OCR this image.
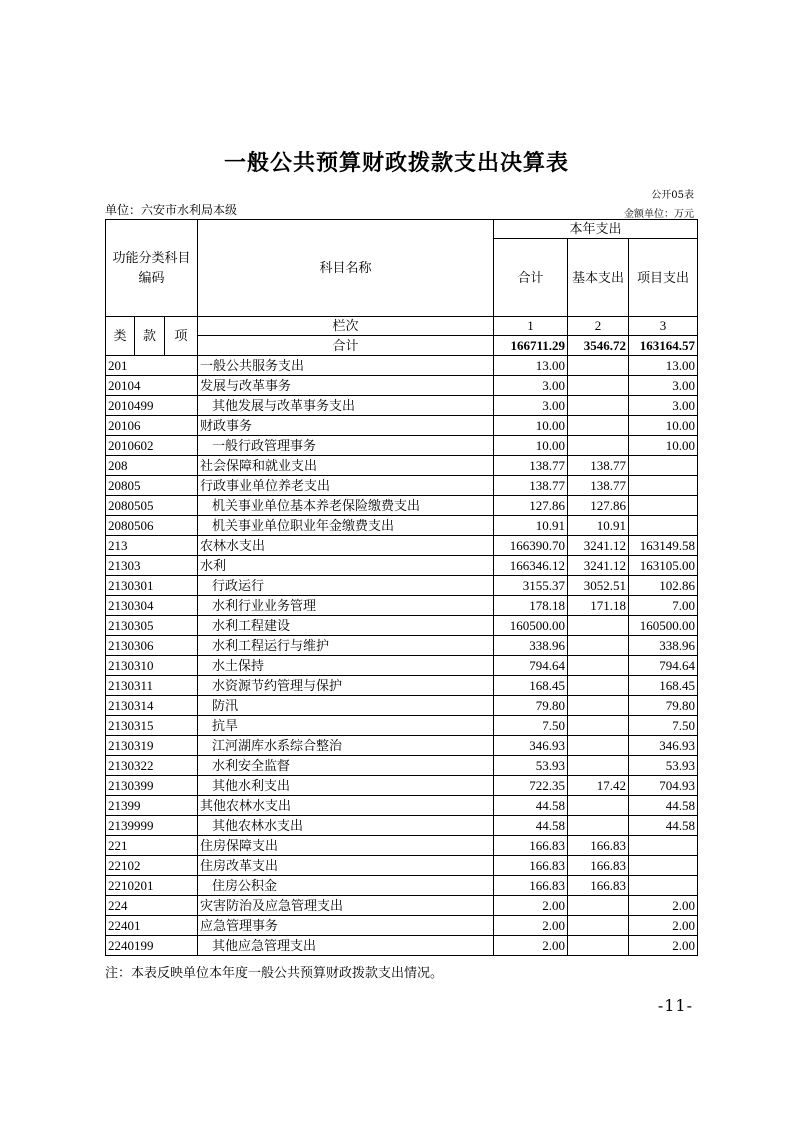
一般公共预算财政拨款支出决算表
公开05表
单位：六安市水利局本级	金额单位：万元
功能分类科目编码			科目名称	本年支出		
				合计	基本支出	项目支出
类	款	项	栏次	1	2	3
			合计	166711.29	3546.72	163164.57
201			一般公共服务支出	13.00		13.00
20104			发展与改革事务	3.00		3.00
2010499			其他发展与改革事务支出	3.00		3.00
20106			财政事务	10.00		10.00
2010602			一般行政管理事务	10.00		10.00
208			社会保障和就业支出	138.77	138.77	
20805			行政事业单位养老支出	138.77	138.77	
2080505			机关事业单位基本养老保险缴费支出	127.86	127.86	
2080506			机关事业单位职业年金缴费支出	10.91	10.91	
213			农林水支出	166390.70	3241.12	163149.58
21303			水利	166346.12	3241.12	163105.00
2130301			行政运行	3155.37	3052.51	102.86
2130304			水利行业业务管理	178.18	171.18	7.00
2130305			水利工程建设	160500.00		160500.00
2130306			水利工程运行与维护	338.96		338.96
2130310			水土保持	794.64		794.64
2130311			水资源节约管理与保护	168.45		168.45
2130314			防汛	79.80		79.80
2130315			抗旱	7.50		7.50
2130319			江河湖库水系综合整治	346.93		346.93
2130322			水利安全监督	53.93		53.93
2130399			其他水利支出	722.35	17.42	704.93
21399			其他农林水支出	44.58		44.58
2139999			其他农林水支出	44.58		44.58
221			住房保障支出	166.83	166.83	
22102			住房改革支出	166.83	166.83	
2210201			住房公积金	166.83	166.83	
224			灾害防治及应急管理支出	2.00		2.00
22401			应急管理事务	2.00		2.00
2240199			其他应急管理支出	2.00		2.00
注：本表反映单位本年度一般公共预算财政拨款支出情况。
-11-
